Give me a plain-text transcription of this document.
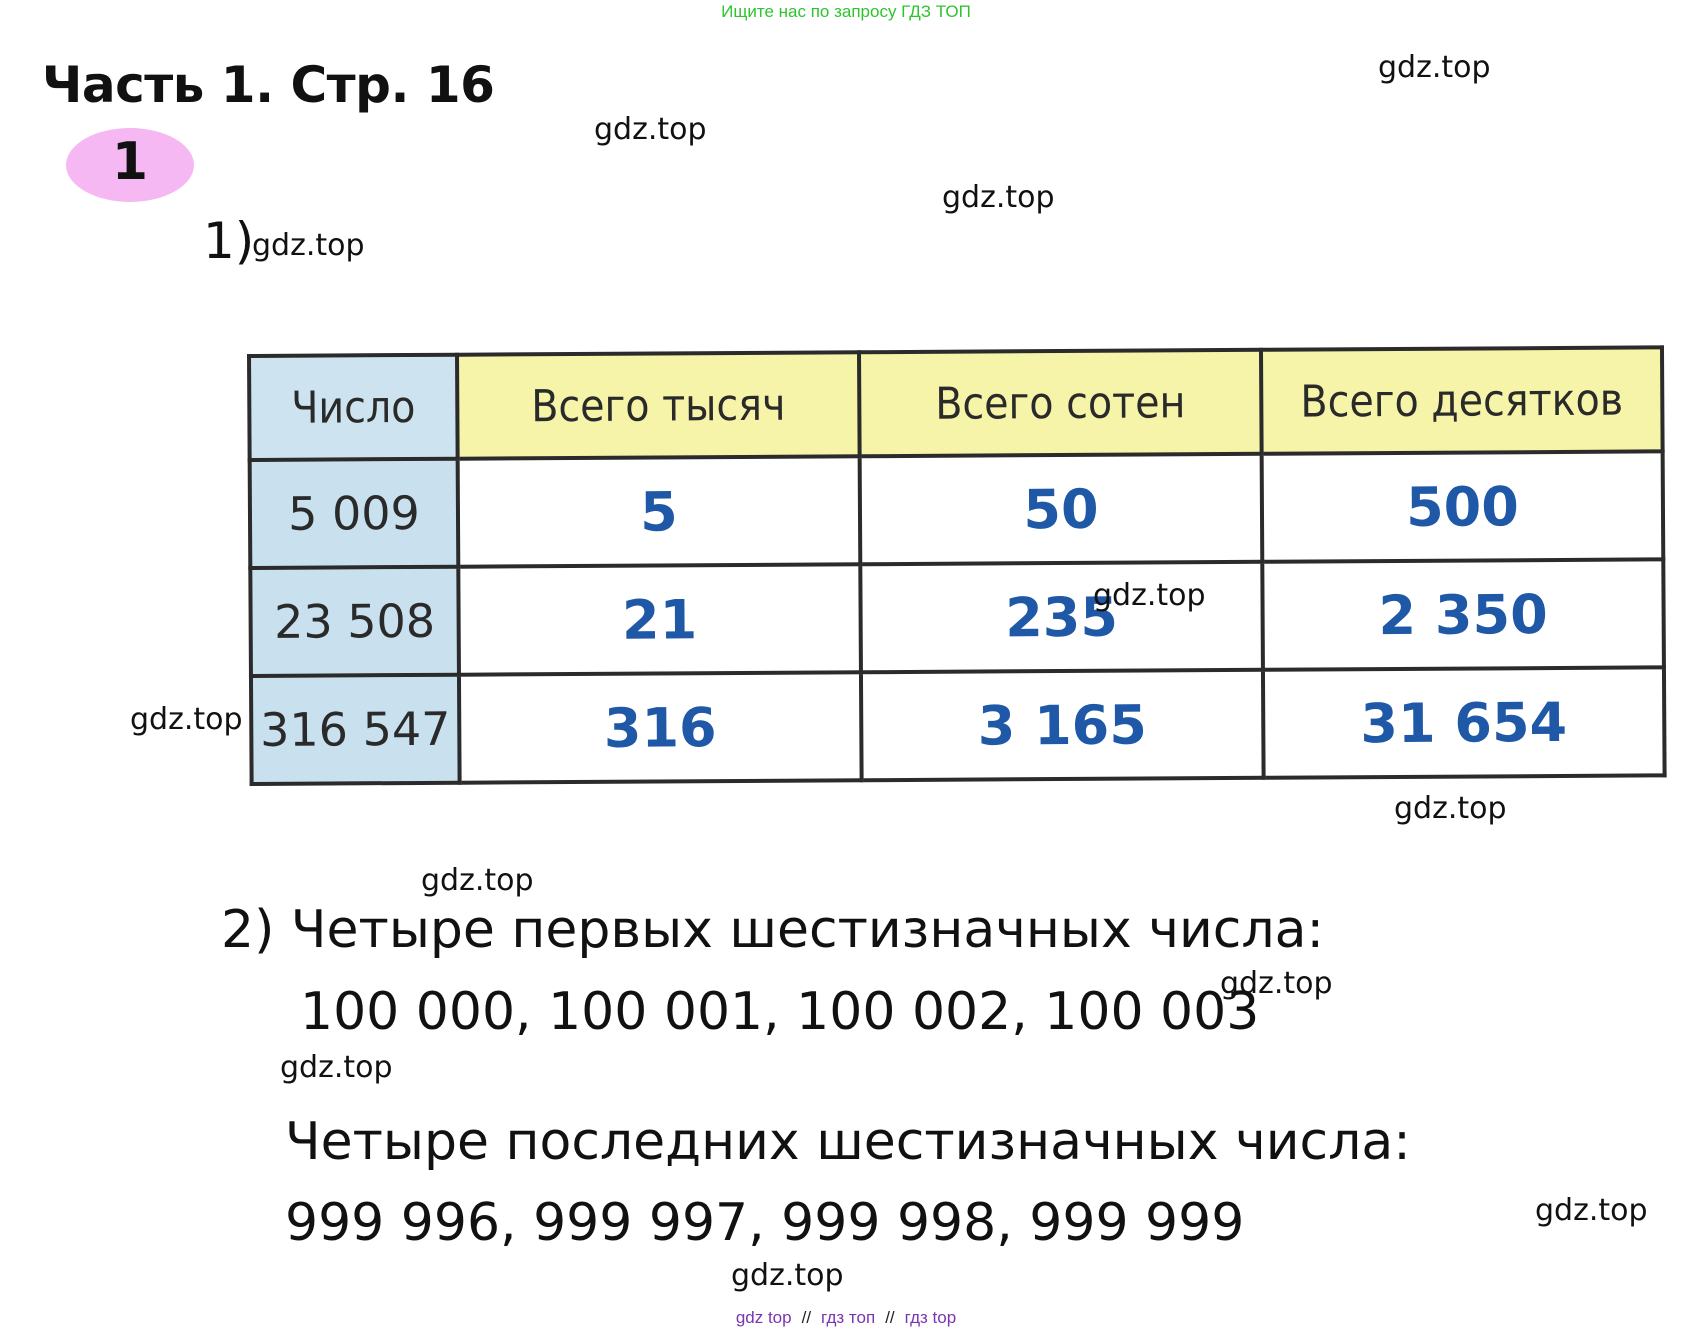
Ищите нас по запросу ГДЗ ТОП
Часть 1. Стр. 16
1
1)
gdz.top
gdz.top
gdz.top
gdz.top
gdz.top
gdz.top
gdz.top
gdz.top
gdz.top
gdz.top
gdz.top
Число	Всего тысяч	Всего сотен	Всего десятков
5 009	5	50	500
23 508	21	235	2 350
316 547	316	3 165	31 654
gdz.top
2) Четыре первых шестизначных числа:
100 000, 100 001, 100 002, 100 003
Четыре последних шестизначных числа:
999 996, 999 997, 999 998, 999 999
gdz top // гдз топ // гдз top
